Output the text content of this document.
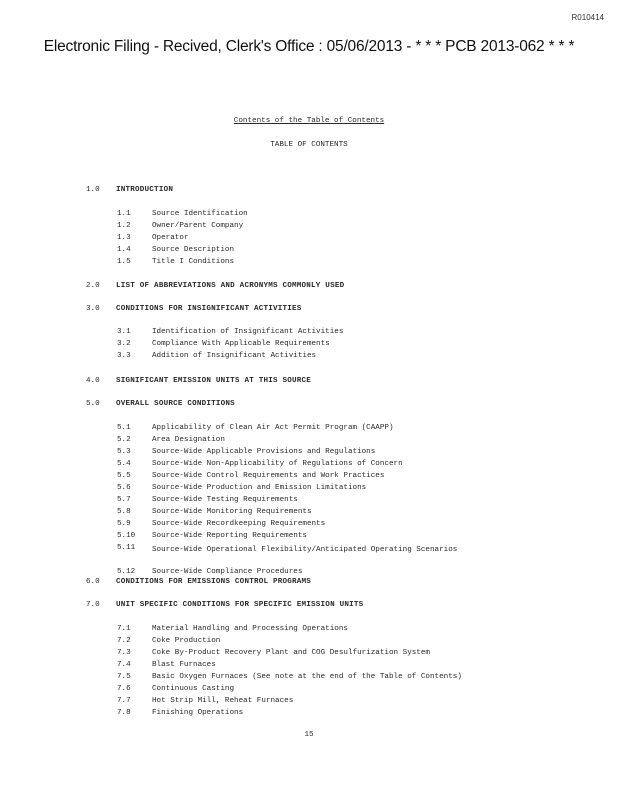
R010414
Electronic Filing - Recived, Clerk's Office : 05/06/2013 - * * * PCB 2013-062 * * *
Contents of the Table of Contents
TABLE OF CONTENTS
1.0 INTRODUCTION
1.1	Source Identification
1.2	Owner/Parent Company
1.3	Operator
1.4	Source Description
1.5	Title I Conditions
2.0 LIST OF ABBREVIATIONS AND ACRONYMS COMMONLY USED
3.0 CONDITIONS FOR INSIGNIFICANT ACTIVITIES
3.1	Identification of Insignificant Activities
3.2	Compliance With Applicable Requirements
3.3	Addition of Insignificant Activities
4.0 SIGNIFICANT EMISSION UNITS AT THIS SOURCE
5.0 OVERALL SOURCE CONDITIONS
5.1	Applicability of Clean Air Act Permit Program (CAAPP)
5.2	Area Designation
5.3	Source-Wide Applicable Provisions and Regulations
5.4	Source-Wide Non-Applicability of Regulations of Concern
5.5	Source-Wide Control Requirements and Work Practices
5.6	Source-Wide Production and Emission Limitations
5.7	Source-Wide Testing Requirements
5.8	Source-Wide Monitoring Requirements
5.9	Source-Wide Recordkeeping Requirements
5.10 Source-Wide Reporting Requirements
5.11 Source-Wide Operational Flexibility/Anticipated Operating Scenarios
5.12 Source-Wide Compliance Procedures
6.0 CONDITIONS FOR EMISSIONS CONTROL PROGRAMS
7.0 UNIT SPECIFIC CONDITIONS FOR SPECIFIC EMISSION UNITS
7.1	Material Handling and Processing Operations
7.2	Coke Production
7.3	Coke By-Product Recovery Plant and COG Desulfurization System
7.4	Blast Furnaces
7.5	Basic Oxygen Furnaces (See note at the end of the Table of Contents)
7.6	Continuous Casting
7.7	Hot Strip Mill, Reheat Furnaces
7.8	Finishing Operations
15
